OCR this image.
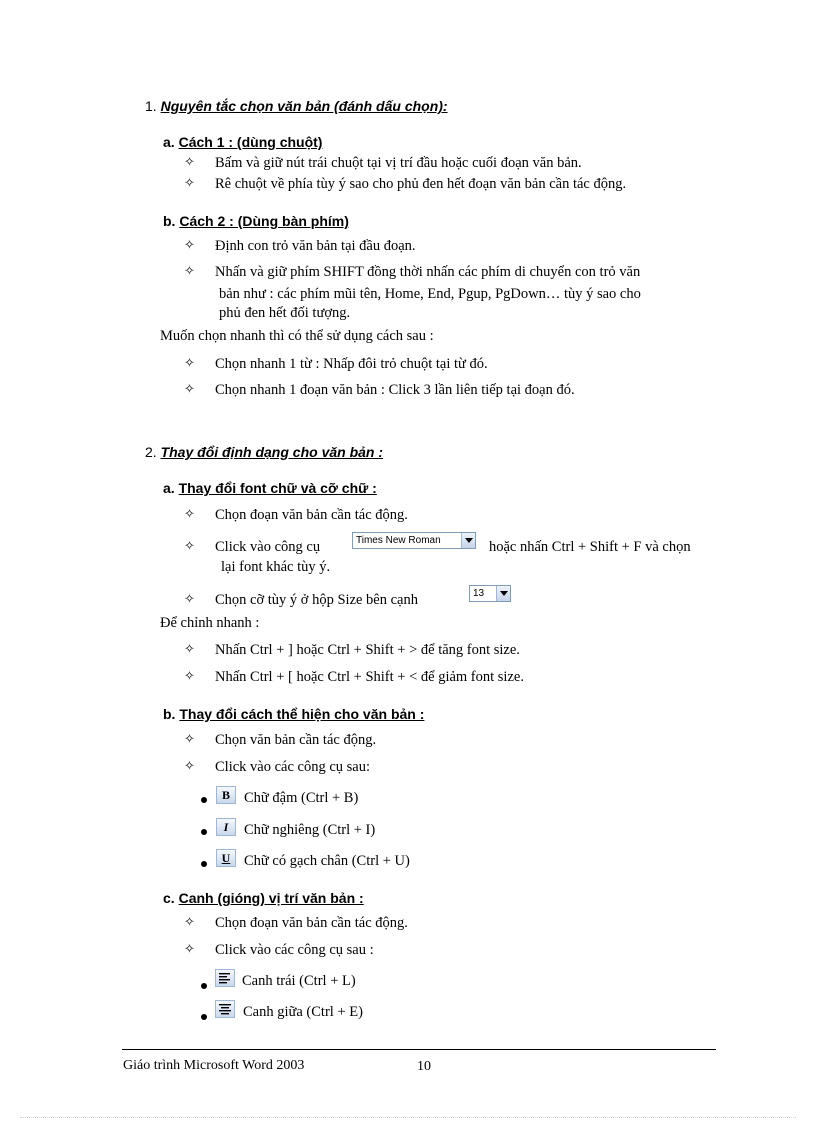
1. Nguyên tắc chọn văn bản (đánh dấu chọn):
a. Cách 1 : (dùng chuột)
✧ Bấm và giữ nút trái chuột tại vị trí đầu hoặc cuối đoạn văn bản.
✧ Rê chuột về phía tùy ý sao cho phủ đen hết đoạn văn bản cần tác động.
b. Cách 2 : (Dùng bàn phím)
✧ Định con trỏ văn bản tại đầu đoạn.
✧ Nhấn và giữ phím SHIFT đồng thời nhấn các phím di chuyển con trỏ văn
bản như : các phím mũi tên, Home, End, Pgup, PgDown… tùy ý sao cho
phủ đen hết đối tượng.
Muốn chọn nhanh thì có thể sử dụng cách sau :
✧ Chọn nhanh 1 từ : Nhấp đôi trỏ chuột tại từ đó.
✧ Chọn nhanh 1 đoạn văn bản : Click 3 lần liên tiếp tại đoạn đó.
2. Thay đổi định dạng cho văn bản :
a. Thay đổi font chữ và cỡ chữ :
✧ Chọn đoạn văn bản cần tác động.
✧ Click vào công cụ	Times New Roman	hoặc nhấn Ctrl + Shift + F và chọn
lại font khác tùy ý.
✧ Chọn cỡ tùy ý ở hộp Size bên cạnh	13
Để chỉnh nhanh :
✧ Nhấn Ctrl + ] hoặc Ctrl + Shift + > để tăng font size.
✧ Nhấn Ctrl + [ hoặc Ctrl + Shift + < để giảm font size.
b. Thay đổi cách thể hiện cho văn bản :
✧ Chọn văn bản cần tác động.
✧ Click vào các công cụ sau:
B Chữ đậm (Ctrl + B)
I	Chữ nghiêng (Ctrl + I)
U Chữ có gạch chân (Ctrl + U)
c. Canh (gióng) vị trí văn bản :
✧ Chọn đoạn văn bản cần tác động.
✧ Click vào các công cụ sau :
Canh trái (Ctrl + L)
Canh giữa (Ctrl + E)
Giáo trình Microsoft Word 2003	10
